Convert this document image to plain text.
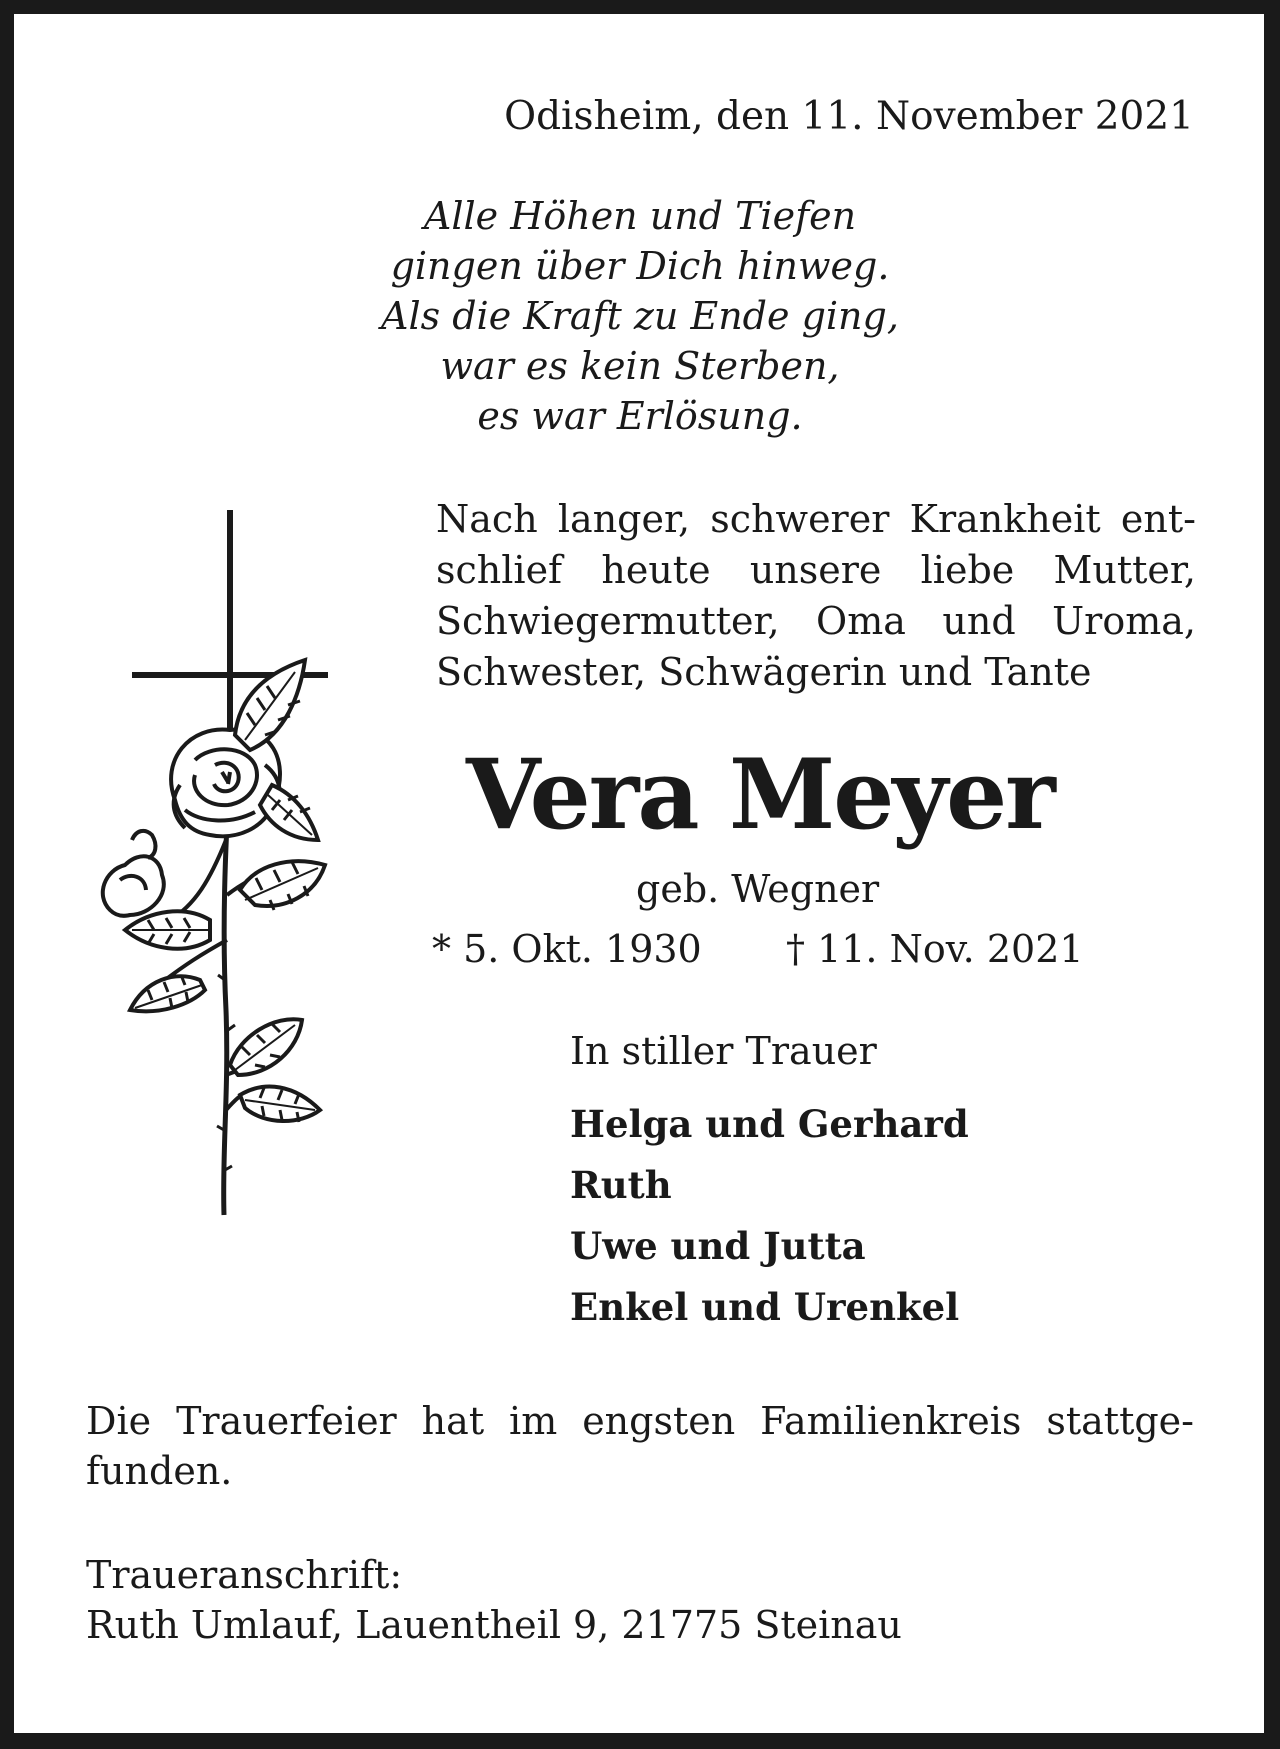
Odisheim, den 11. November 2021
Alle Höhen und Tiefen
gingen über Dich hinweg.
Als die Kraft zu Ende ging,
war es kein Sterben,
es war Erlösung.
Nach langer, schwerer Krankheit ent-
schlief heute unsere liebe Mutter,
Schwiegermutter, Oma und Uroma,
Schwester, Schwägerin und Tante
Vera Meyer
geb. Wegner
* 5. Okt. 1930 † 11. Nov. 2021
In stiller Trauer
Helga und Gerhard
Ruth
Uwe und Jutta
Enkel und Urenkel
Die Trauerfeier hat im engsten Familienkreis stattge-
funden.
Traueranschrift:
Ruth Umlauf, Lauentheil 9, 21775 Steinau
